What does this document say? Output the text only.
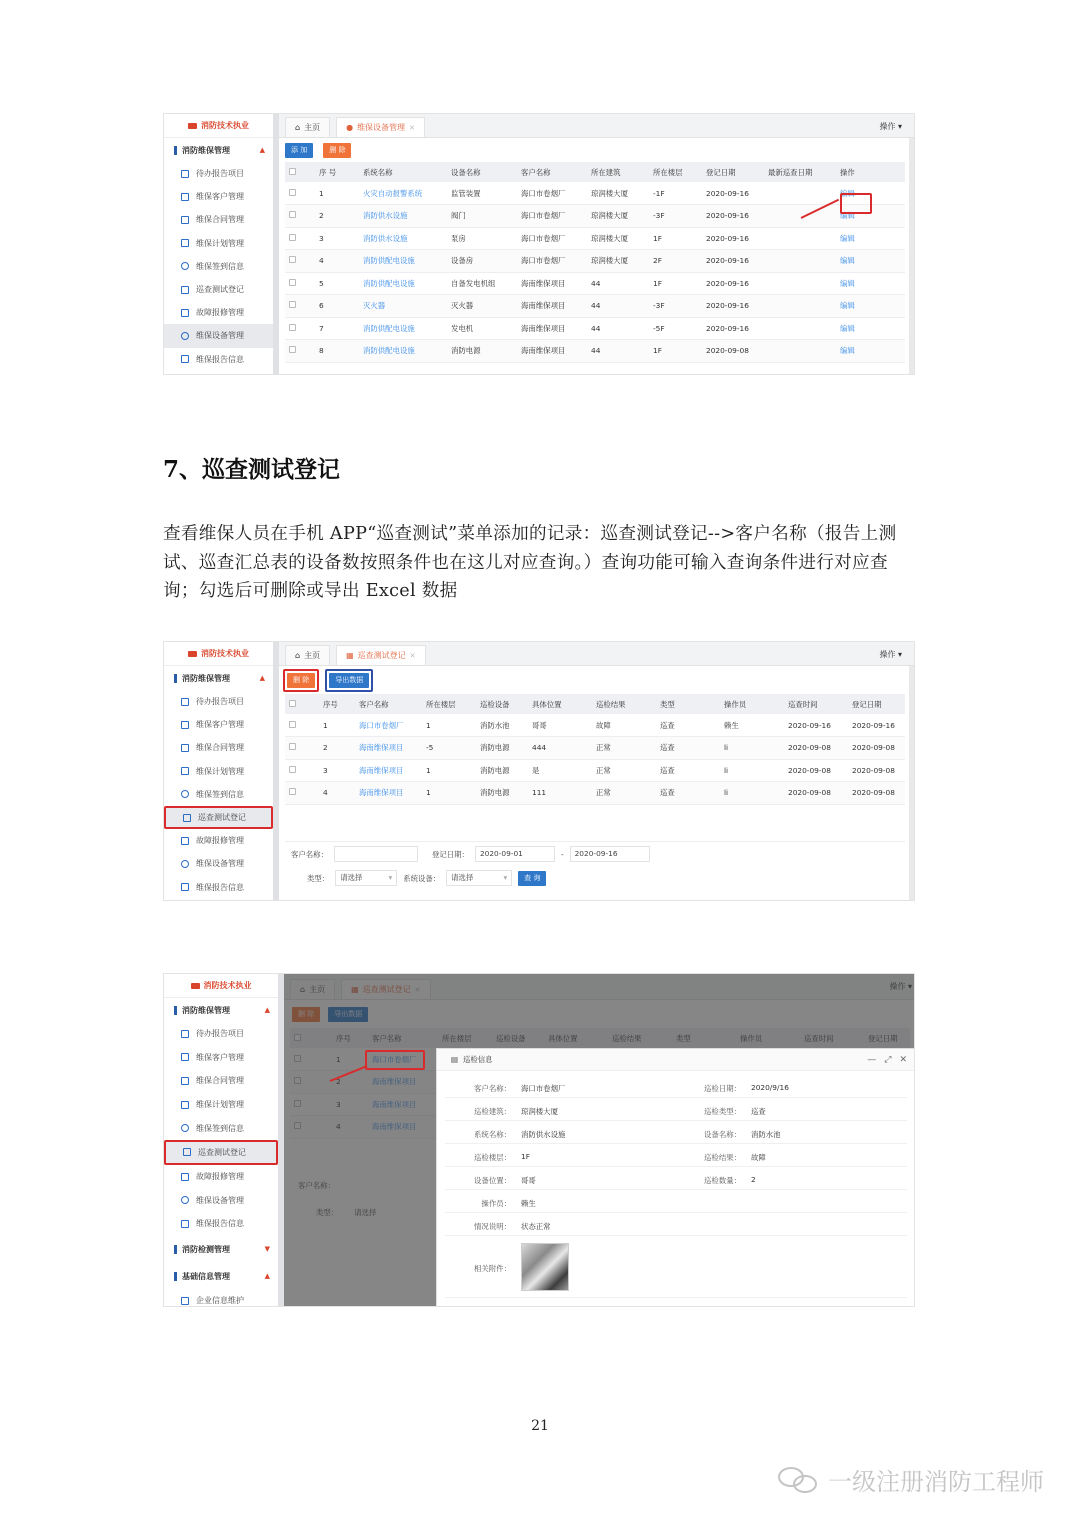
消防技术执业
消防维保管理	▲
待办报告项目
维保客户管理
维保合同管理
维保计划管理
维保签到信息
巡查测试登记
故障报修管理
维保设备管理
维保报告信息
⌂ 主页	● 维保设备管理 ✕	操作 ▾
添 加	删 除
	序 号	系统名称	设备名称	客户名称	所在建筑	所在楼层	登记日期	最新巡查日期	操作
	1	火灾自动报警系统	监管装置	海口市卷烟厂	琼润楼大厦	-1F	2020-09-16		编辑
	2	消防供水设施	阀门	海口市卷烟厂	琼润楼大厦	-3F	2020-09-16		编辑
	3	消防供水设施	泵房	海口市卷烟厂	琼润楼大厦	1F	2020-09-16		编辑
	4	消防供配电设施	设备房	海口市卷烟厂	琼润楼大厦	2F	2020-09-16		编辑
	5	消防供配电设施	自备发电机组	海南维保项目	44	1F	2020-09-16		编辑
	6	灭火器	灭火器	海南维保项目	44	-3F	2020-09-16		编辑
	7	消防供配电设施	发电机	海南维保项目	44	-5F	2020-09-16		编辑
	8	消防供配电设施	消防电源	海南维保项目	44	1F	2020-09-08		编辑
7、巡查测试登记
查看维保人员在手机 APP“巡查测试”菜单添加的记录：巡查测试登记-->客户名称（报告上测试、巡查汇总表的设备数按照条件也在这儿对应查询。）查询功能可输入查询条件进行对应查询；勾选后可删除或导出 Excel 数据
消防技术执业
消防维保管理	▲
待办报告项目
维保客户管理
维保合同管理
维保计划管理
维保签到信息
巡查测试登记
故障报修管理
维保设备管理
维保报告信息
⌂ 主页	▦ 巡查测试登记 ✕	操作 ▾
删 除	导出数据
	序号	客户名称	所在楼层	巡检设备	具体位置	巡检结果	类型	操作员	巡查时间	登记日期
	1	海口市卷烟厂	1	消防水池	哥哥	故障	巡查	赖生	2020-09-16	2020-09-16
	2	海南维保项目	-5	消防电源	444	正常	巡查	li	2020-09-08	2020-09-08
	3	海南维保项目	1	消防电源	是	正常	巡查	li	2020-09-08	2020-09-08
	4	海南维保项目	1	消防电源	111	正常	巡查	li	2020-09-08	2020-09-08
客户名称：	登记日期：	2020-09-01	-	2020-09-16
类型：	请选择	▾ 系统设备：	请选择	▾	查 询
消防技术执业
消防维保管理	▲
待办报告项目
维保客户管理
维保合同管理
维保计划管理
维保签到信息
巡查测试登记
故障报修管理
维保设备管理
维保报告信息
消防检测管理	▼
基础信息管理	▲
企业信息维护

▤ 巡检信息	— ⤢ ✕
客户名称： 海口市卷烟厂
巡检建筑： 琼润楼大厦
系统名称： 消防供水设施
巡检楼层： 1F
设备位置： 哥哥
操作员： 赖生
情况说明： 状态正常
相关附件：
巡检日期： 2020/9/16
巡检类型： 巡查
设备名称： 消防水池
巡检结果： 故障
巡检数量： 2
21
一级注册消防工程师
